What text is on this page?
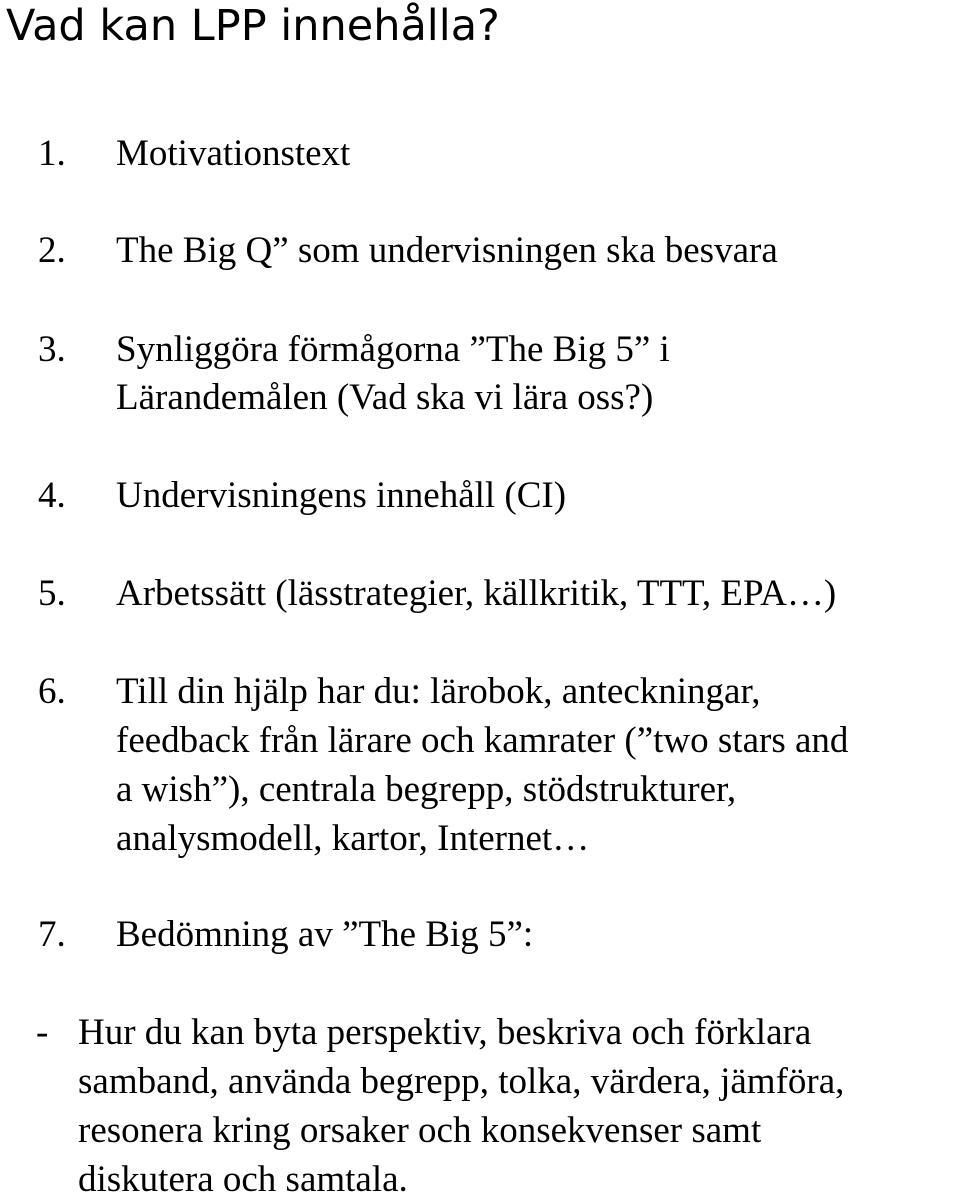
Vad kan LPP innehålla?
1. Motivationstext
2. The Big Q” som undervisningen ska besvara
3. Synliggöra förmågorna ”The Big 5” i
Lärandemålen (Vad ska vi lära oss?)
4. Undervisningens innehåll (CI)
5. Arbetssätt (lässtrategier, källkritik, TTT, EPA…)
6. Till din hjälp har du: lärobok, anteckningar,
feedback från lärare och kamrater (”two stars and
a wish”), centrala begrepp, stödstrukturer,
analysmodell, kartor, Internet…
7. Bedömning av ”The Big 5”:
- Hur du kan byta perspektiv, beskriva och förklara
samband, använda begrepp, tolka, värdera, jämföra,
resonera kring orsaker och konsekvenser samt
diskutera och samtala.
